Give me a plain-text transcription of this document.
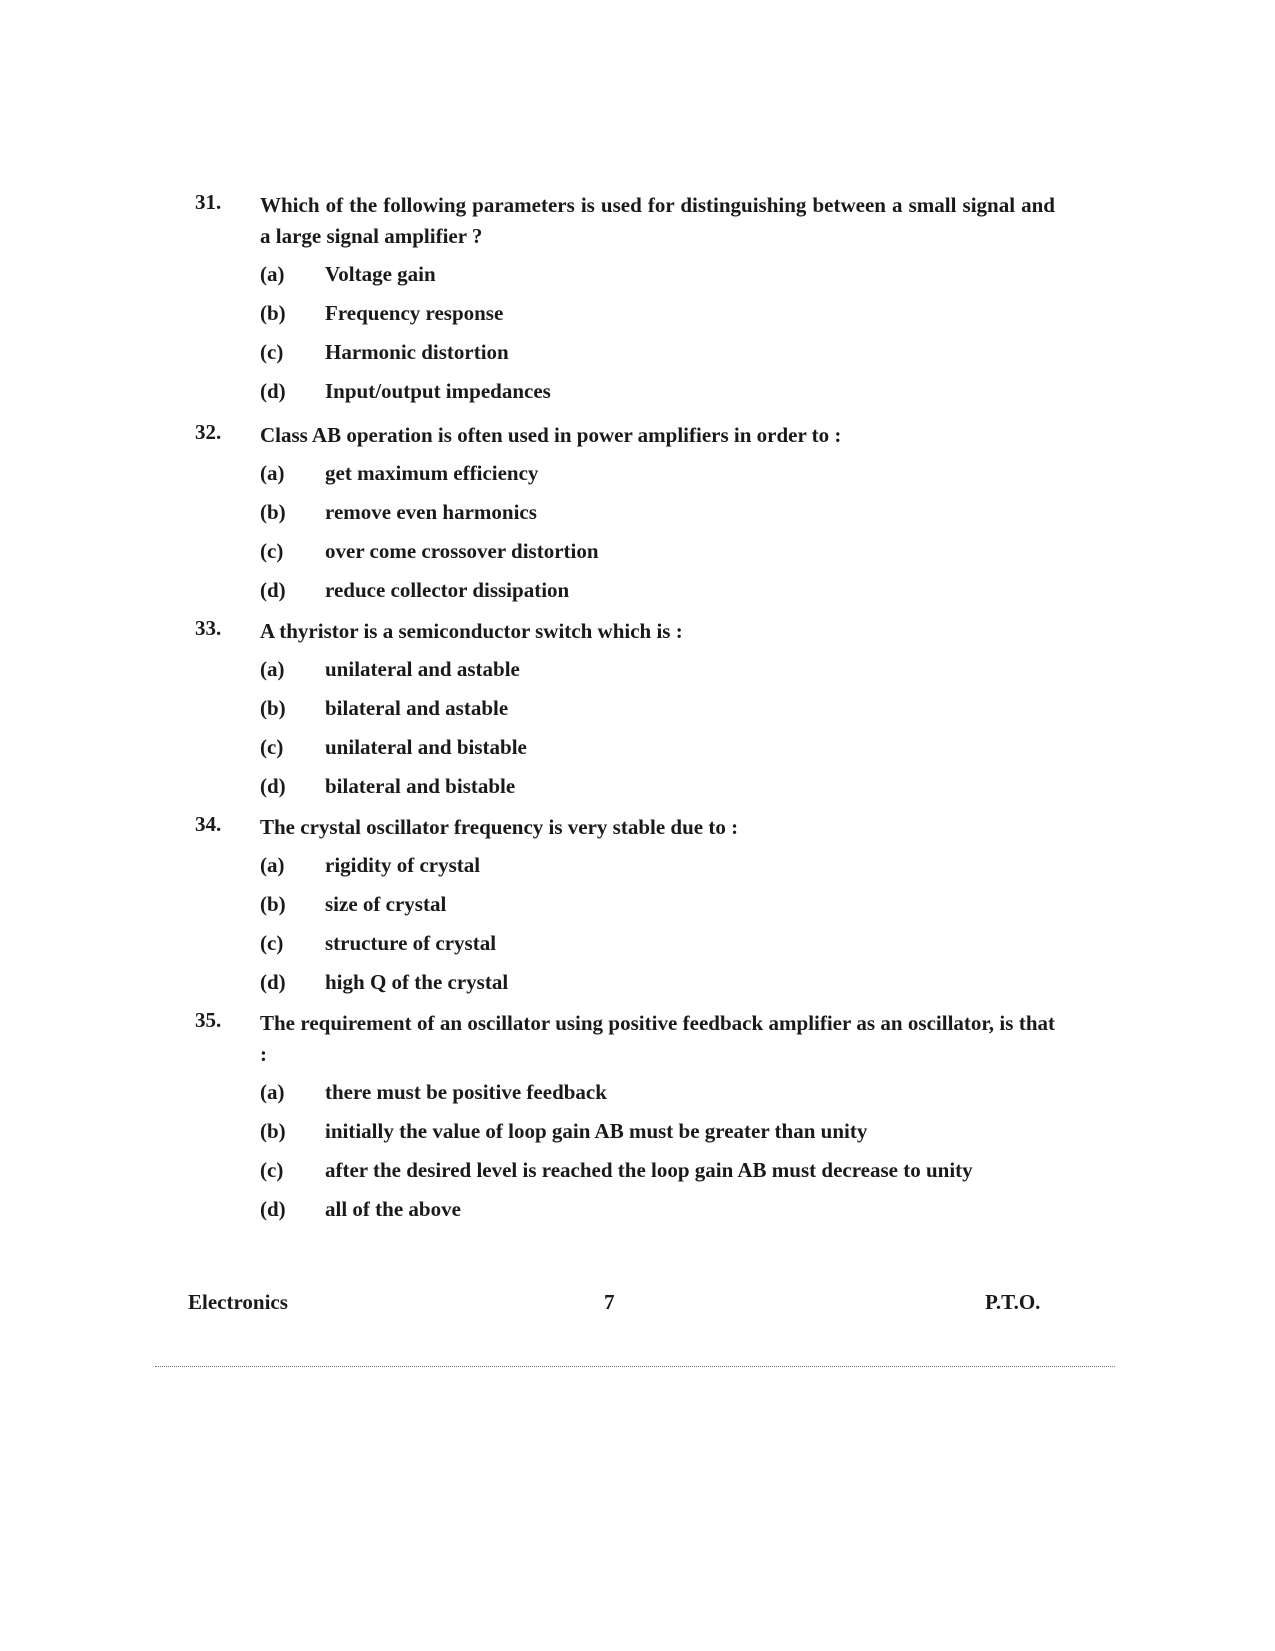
31.	Which of the following parameters is used for distinguishing between a small signal and a large signal amplifier ?
(a)	Voltage gain
(b)	Frequency response
(c)	Harmonic distortion
(d)	Input/output impedances
32.	Class AB operation is often used in power amplifiers in order to :
(a)	get maximum efficiency
(b)	remove even harmonics
(c)	over come crossover distortion
(d)	reduce collector dissipation
33.	A thyristor is a semiconductor switch which is :
(a)	unilateral and astable
(b)	bilateral and astable
(c)	unilateral and bistable
(d)	bilateral and bistable
34.	The crystal oscillator frequency is very stable due to :
(a)	rigidity of crystal
(b)	size of crystal
(c)	structure of crystal
(d)	high Q of the crystal
35.	The requirement of an oscillator using positive feedback amplifier as an oscillator, is that :
(a)	there must be positive feedback
(b)	initially the value of loop gain AB must be greater than unity
(c)	after the desired level is reached the loop gain AB must decrease to unity
(d)	all of the above
Electronics	7	P.T.O.
